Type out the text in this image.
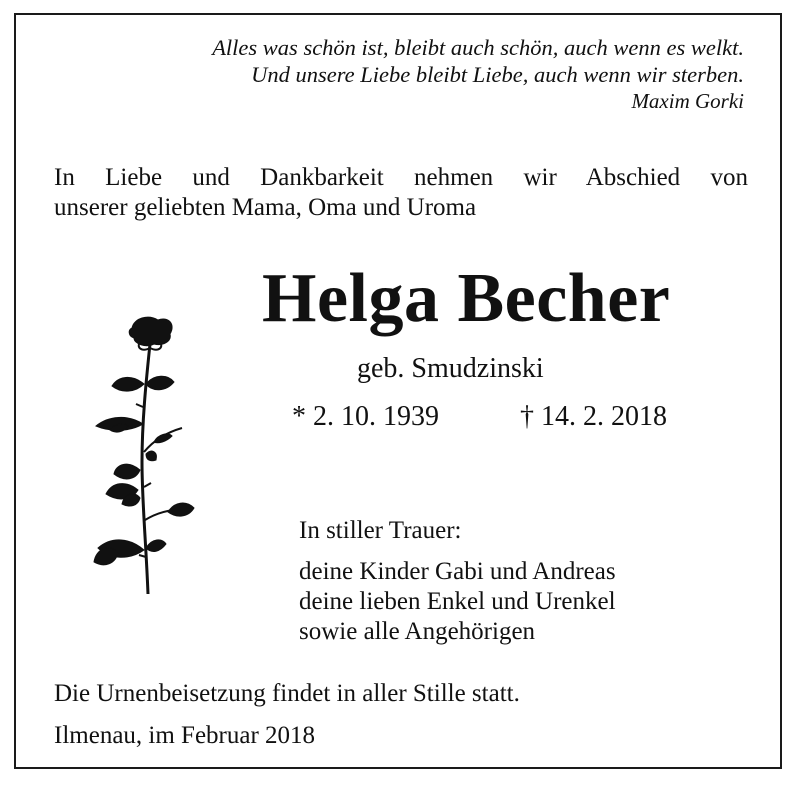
Alles was schön ist, bleibt auch schön, auch wenn es welkt.
Und unsere Liebe bleibt Liebe, auch wenn wir sterben.
Maxim Gorki
In Liebe und Dankbarkeit nehmen wir Abschied von
unserer geliebten Mama, Oma und Uroma
Helga Becher
geb. Smudzinski
* 2. 10. 1939	† 14. 2. 2018
In stiller Trauer:
deine Kinder Gabi und Andreas
deine lieben Enkel und Urenkel
sowie alle Angehörigen
Die Urnenbeisetzung findet in aller Stille statt.
Ilmenau, im Februar 2018
